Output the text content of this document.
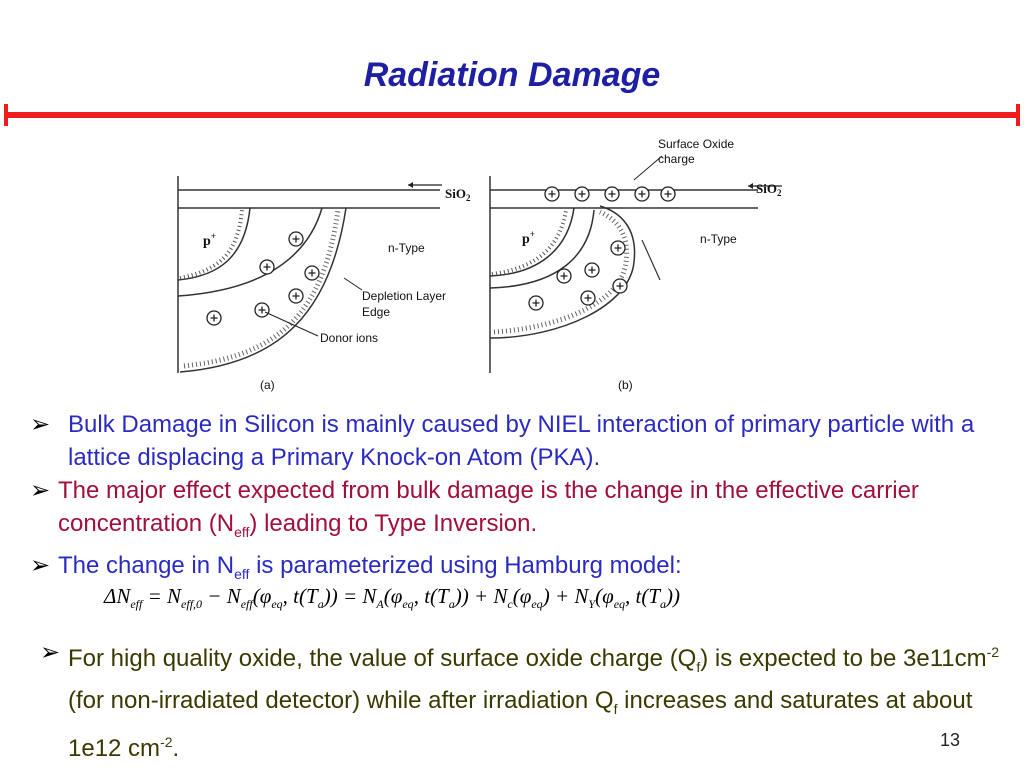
Radiation Damage
SiO$_2$
p+
n-Type
Depletion Layer
Edge
Donor ions
(a)
Surface Oxide
charge
SiO$_2$
p+	n-Type
(b)
➢ Bulk Damage in Silicon is mainly caused by NIEL interaction of primary particle with a lattice displacing a Primary Knock-on Atom (PKA).
➢ The major effect expected from bulk damage is the change in the effective carrier concentration $(N_{eff})$ leading to Type Inversion.
➢ The change in $N_{eff}$ is parameterized using Hamburg model:
$\Delta N_{eff} = N_{eff,0} - N_{eff}(\varphi_{eq}$, $t(T_a)) = N_A(\varphi_{eq}$, $t(T_a)) + N_c(\varphi_{eq}) + N_Y(\varphi_{eq}$, $t(T_a)$)
➢ For high quality oxide, the value of surface oxide charge $(Q_f)$ is expected to be $3e11cm^{-2}$ (for non-irradiated detector) while after irradiation $Q_f$ increases and saturates at about 1e12 $cm^{-2}$.	13
